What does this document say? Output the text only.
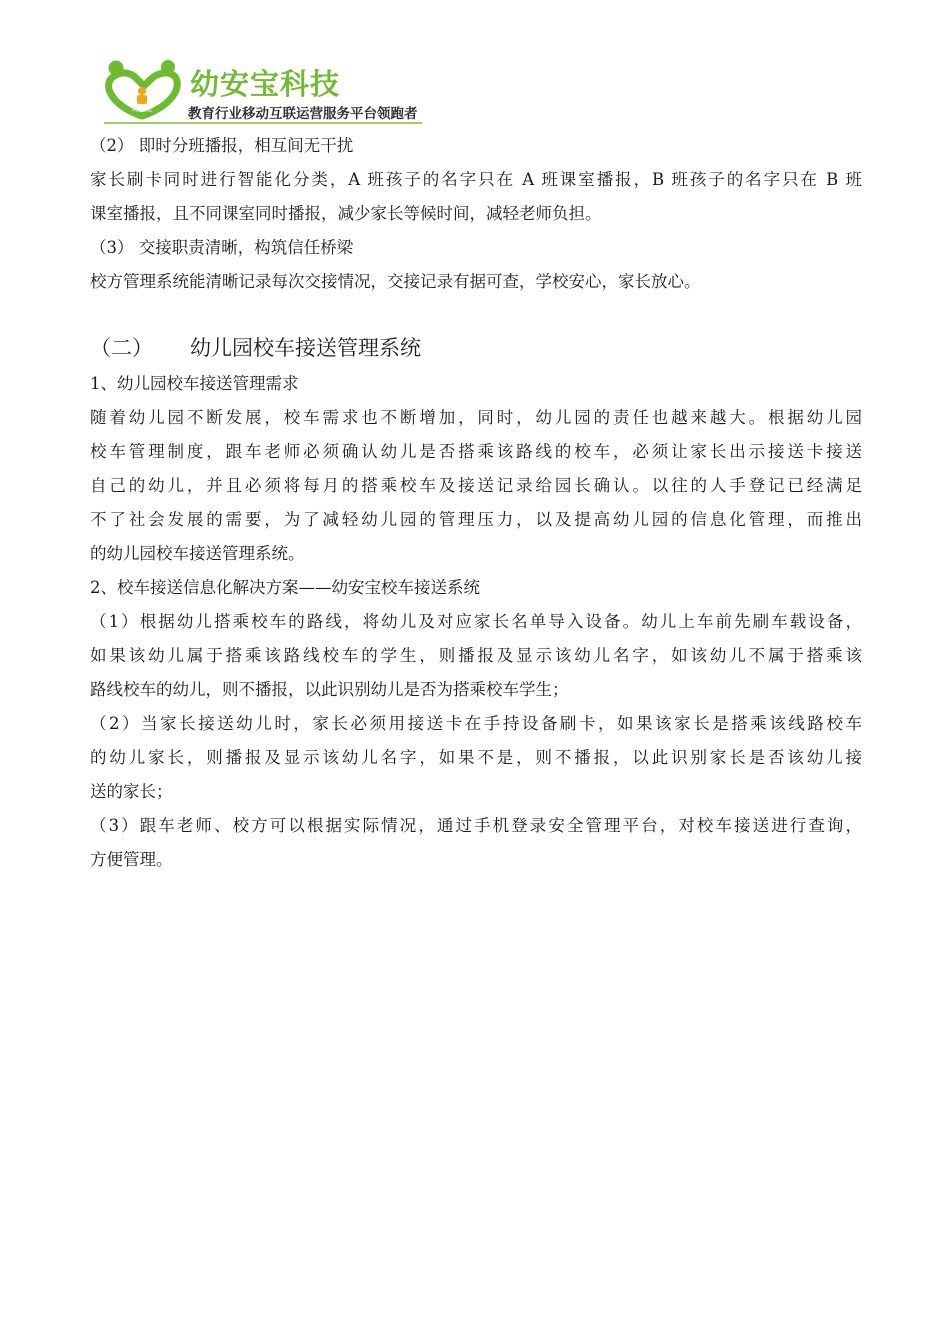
幼安宝
幼安宝科技
教育行业移动互联运营服务平台领跑者
（2） 即时分班播报，相互间无干扰
家长刷卡同时进行智能化分类，A 班孩子的名字只在 A 班课室播报，B 班孩子的名字只在 B 班
课室播报，且不同课室同时播报，减少家长等候时间，减轻老师负担。
（3） 交接职责清晰，构筑信任桥梁
校方管理系统能清晰记录每次交接情况，交接记录有据可查，学校安心，家长放心。
（二） 幼儿园校车接送管理系统
1、幼儿园校车接送管理需求
随着幼儿园不断发展，校车需求也不断增加，同时，幼儿园的责任也越来越大。根据幼儿园
校车管理制度，跟车老师必须确认幼儿是否搭乘该路线的校车，必须让家长出示接送卡接送
自己的幼儿，并且必须将每月的搭乘校车及接送记录给园长确认。以往的人手登记已经满足
不了社会发展的需要，为了减轻幼儿园的管理压力，以及提高幼儿园的信息化管理，而推出
的幼儿园校车接送管理系统。
2、校车接送信息化解决方案——幼安宝校车接送系统
（1）根据幼儿搭乘校车的路线，将幼儿及对应家长名单导入设备。幼儿上车前先刷车载设备，
如果该幼儿属于搭乘该路线校车的学生，则播报及显示该幼儿名字，如该幼儿不属于搭乘该
路线校车的幼儿，则不播报，以此识别幼儿是否为搭乘校车学生；
（2）当家长接送幼儿时，家长必须用接送卡在手持设备刷卡，如果该家长是搭乘该线路校车
的幼儿家长，则播报及显示该幼儿名字，如果不是，则不播报，以此识别家长是否该幼儿接
送的家长；
（3）跟车老师、校方可以根据实际情况，通过手机登录安全管理平台，对校车接送进行查询，
方便管理。
